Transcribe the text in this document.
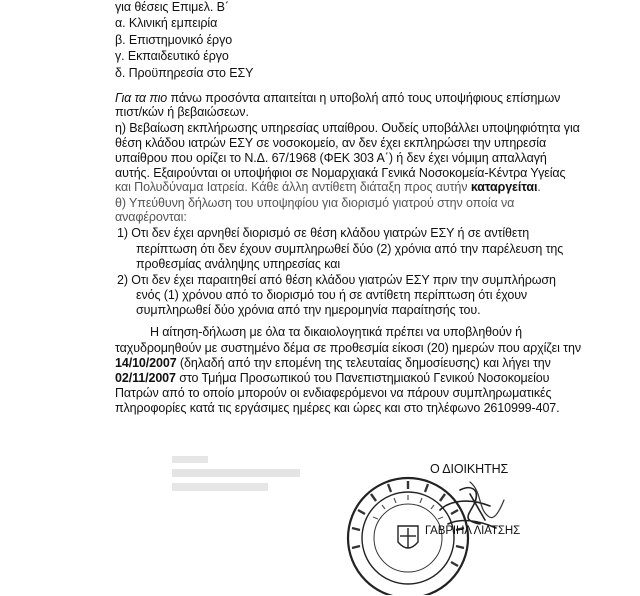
για θέσεις Επιμελ. Β΄
α. Κλινική εμπειρία
β. Επιστημονικό έργο
γ. Εκπαιδευτικό έργο
δ. Προϋπηρεσία στο ΕΣΥ
Για τα πιο πάνω προσόντα απαιτείται η υποβολή από τους υποψήφιους επίσημων
πιστ/κών ή βεβαιώσεων.
η) Βεβαίωση εκπλήρωσης υπηρεσίας υπαίθρου. Ουδείς υποβάλλει υποψηφιότητα για
θέση κλάδου ιατρών ΕΣΥ σε νοσοκομείο, αν δεν έχει εκπληρώσει την υπηρεσία
υπαίθρου που ορίζει το Ν.Δ. 67/1968 (ΦΕΚ 303 Α΄) ή δεν έχει νόμιμη απαλλαγή
αυτής. Εξαιρούνται οι υποψήφιοι σε Νομαρχιακά Γενικά Νοσοκομεία-Κέντρα Υγείας
και Πολυδύναμα Ιατρεία. Κάθε άλλη αντίθετη διάταξη προς αυτήν καταργείται.
θ) Υπεύθυνη δήλωση του υποψηφίου για διορισμό γιατρού στην οποία να
αναφέρονται:
1) Οτι δεν έχει αρνηθεί διορισμό σε θέση κλάδου γιατρών ΕΣΥ ή σε αντίθετη
περίπτωση ότι δεν έχουν συμπληρωθεί δύο (2) χρόνια από την παρέλευση της
προθεσμίας ανάληψης υπηρεσίας και
2) Οτι δεν έχει παραιτηθεί από θέση κλάδου γιατρών ΕΣΥ πριν την συμπλήρωση
ενός (1) χρόνου από το διορισμό του ή σε αντίθετη περίπτωση ότι έχουν
συμπληρωθεί δύο χρόνια από την ημερομηνία παραίτησής του.
Η αίτηση-δήλωση με όλα τα δικαιολογητικά πρέπει να υποβληθούν ή
ταχυδρομηθούν με συστημένο δέμα σε προθεσμία είκοσι (20) ημερών που αρχίζει την
14/10/2007 (δηλαδή από την επομένη της τελευταίας δημοσίευσης) και λήγει την
02/11/2007 στο Τμήμα Προσωπικού του Πανεπιστημιακού Γενικού Νοσοκομείου
Πατρών από το οποίο μπορούν οι ενδιαφερόμενοι να πάρουν συμπληρωματικές
πληροφορίες κατά τις εργάσιμες ημέρες και ώρες και στο τηλέφωνο 2610999-407.
Ο ΔΙΟΙΚΗΤΗΣ
ΓΑΒΡΙΗΛ ΛΙΑΤΣΗΣ
